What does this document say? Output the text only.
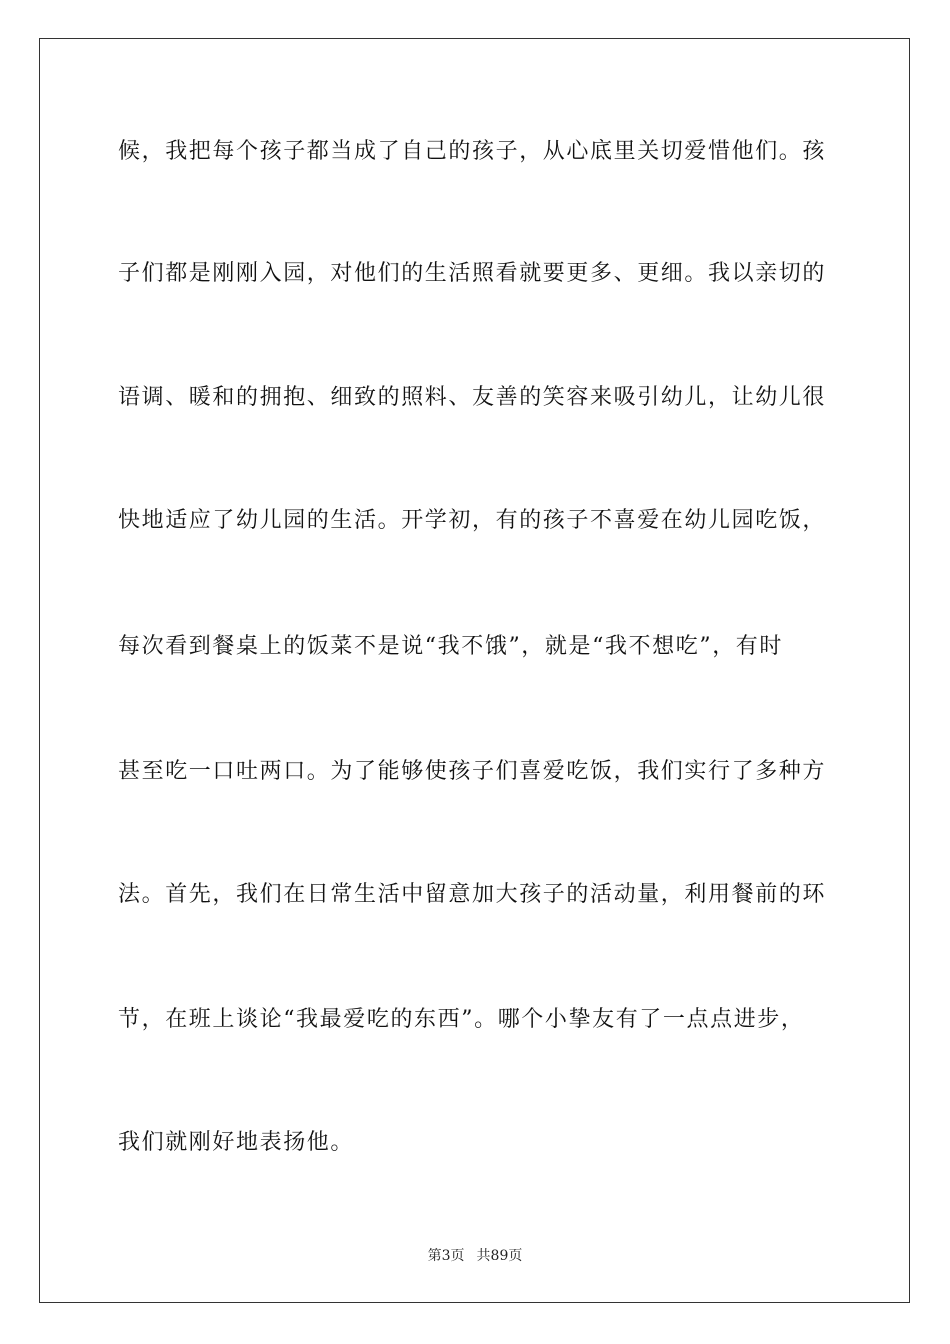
候，我把每个孩子都当成了自己的孩子，从心底里关切爱惜他们。孩
子们都是刚刚入园，对他们的生活照看就要更多、更细。我以亲切的
语调、暖和的拥抱、细致的照料、友善的笑容来吸引幼儿，让幼儿很
快地适应了幼儿园的生活。开学初，有的孩子不喜爱在幼儿园吃饭，
每次看到餐桌上的饭菜不是说“我不饿”，就是“我不想吃”，有时
甚至吃一口吐两口。为了能够使孩子们喜爱吃饭，我们实行了多种方
法。首先，我们在日常生活中留意加大孩子的活动量，利用餐前的环
节，在班上谈论“我最爱吃的东西”。哪个小挚友有了一点点进步，
我们就刚好地表扬他。
第3页 共89页
